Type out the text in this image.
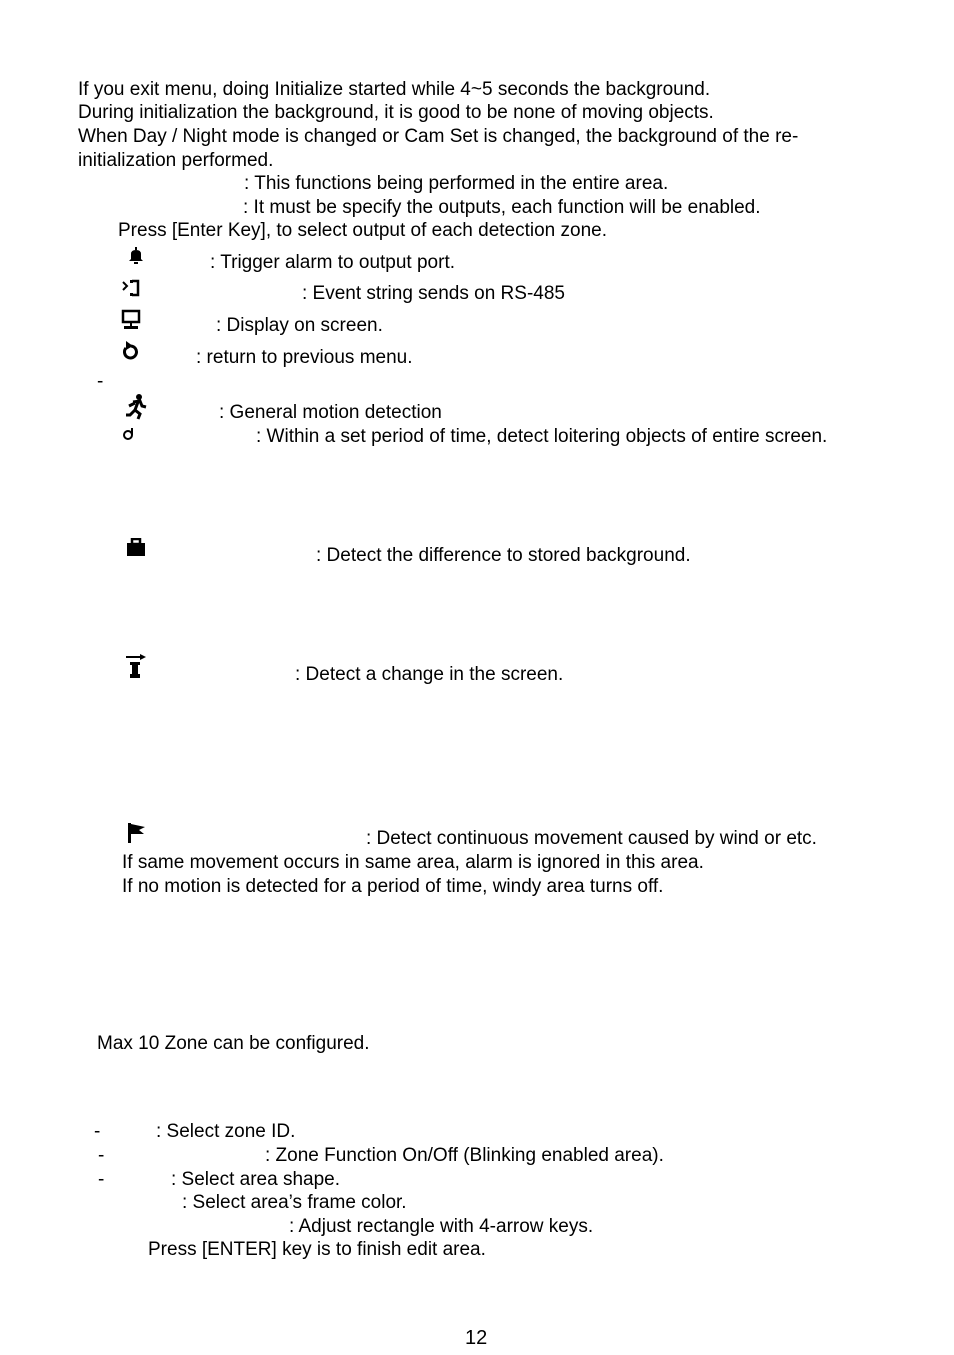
If you exit menu, doing Initialize started while 4~5 seconds the background.
During initialization the background, it is good to be none of moving objects.
When Day / Night mode is changed or Cam Set is changed, the background of the re-
initialization performed.
: This functions being performed in the entire area.
: It must be specify the outputs, each function will be enabled.
Press [Enter Key], to select output of each detection zone.
: Trigger alarm to output port.
: Event string sends on RS-485
: Display on screen.
: return to previous menu.
-
: General motion detection
: Within a set period of time, detect loitering objects of entire screen.
: Detect the difference to stored background.
: Detect a change in the screen.
: Detect continuous movement caused by wind or etc.
If same movement occurs in same area, alarm is ignored in this area.
If no motion is detected for a period of time, windy area turns off.
Max 10 Zone can be configured.
-	: Select zone ID.
-	: Zone Function On/Off (Blinking enabled area).
-	: Select area shape.
: Select area’s frame color.
: Adjust rectangle with 4-arrow keys.
Press [ENTER] key is to finish edit area.
12
